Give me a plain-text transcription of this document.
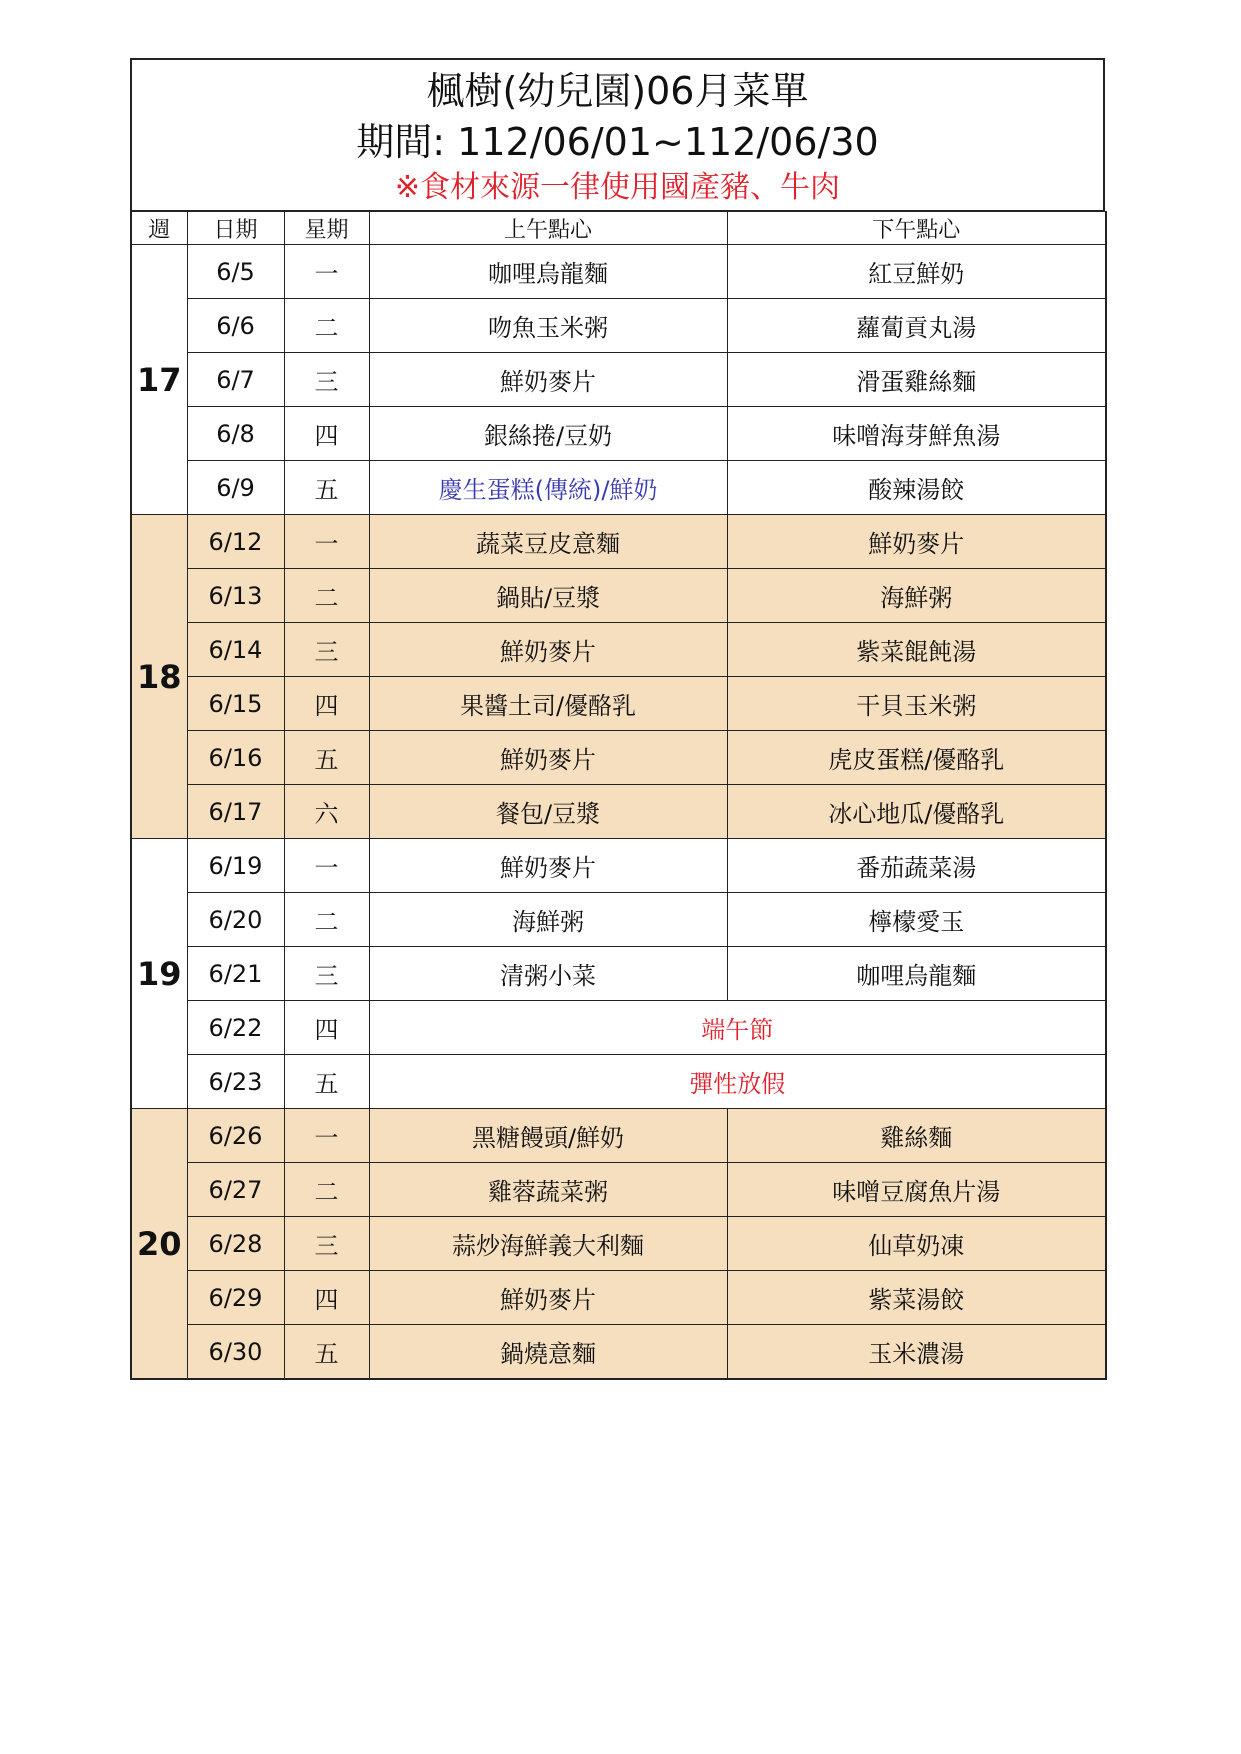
楓樹(幼兒園)06月菜單
期間: 112/06/01~112/06/30
※食材來源一律使用國產豬、牛肉
週	日期	星期	上午點心	下午點心
17	6/5	一	咖哩烏龍麵	紅豆鮮奶
	6/6	二	吻魚玉米粥	蘿蔔貢丸湯
	6/7	三	鮮奶麥片	滑蛋雞絲麵
	6/8	四	銀絲捲/豆奶	味噌海芽鮮魚湯
	6/9	五	慶生蛋糕(傳統)/鮮奶	酸辣湯餃
18	6/12	一	蔬菜豆皮意麵	鮮奶麥片
	6/13	二	鍋貼/豆漿	海鮮粥
	6/14	三	鮮奶麥片	紫菜餛飩湯
	6/15	四	果醬土司/優酪乳	干貝玉米粥
	6/16	五	鮮奶麥片	虎皮蛋糕/優酪乳
	6/17	六	餐包/豆漿	冰心地瓜/優酪乳
19	6/19	一	鮮奶麥片	番茄蔬菜湯
	6/20	二	海鮮粥	檸檬愛玉
	6/21	三	清粥小菜	咖哩烏龍麵
	6/22	四	端午節	
	6/23	五	彈性放假	
20	6/26	一	黑糖饅頭/鮮奶	雞絲麵
	6/27	二	雞蓉蔬菜粥	味噌豆腐魚片湯
	6/28	三	蒜炒海鮮義大利麵	仙草奶凍
	6/29	四	鮮奶麥片	紫菜湯餃
	6/30	五	鍋燒意麵	玉米濃湯
